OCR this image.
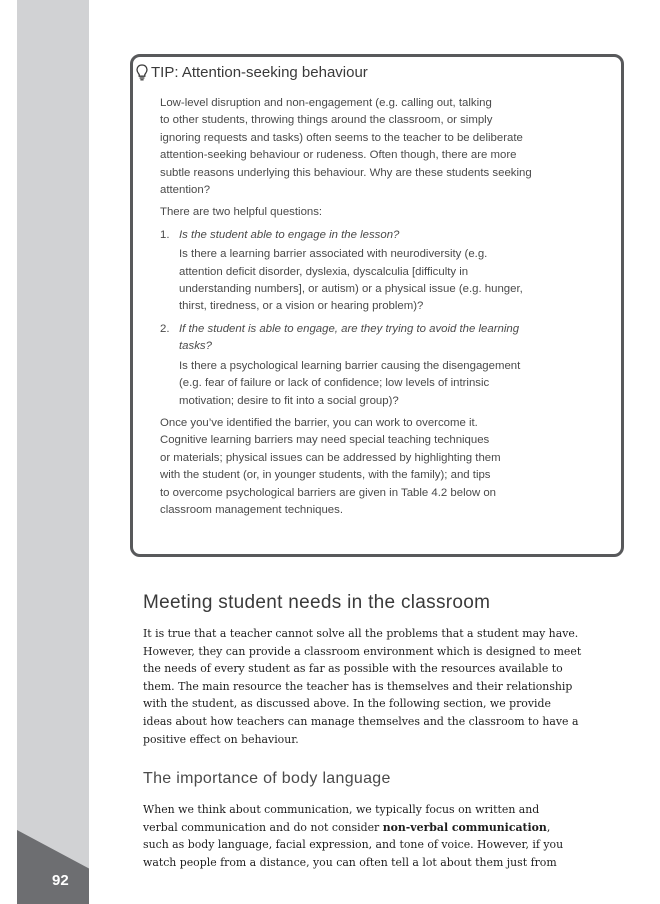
92
TIP: Attention-seeking behaviour

Low-level disruption and non-engagement (e.g. calling out, talking
to other students, throwing things around the classroom, or simply
ignoring requests and tasks) often seems to the teacher to be deliberate
attention-seeking behaviour or rudeness. Often though, there are more
subtle reasons underlying this behaviour. Why are these students seeking
attention?

There are two helpful questions:

1. Is the student able to engage in the lesson?
Is there a learning barrier associated with neurodiversity (e.g.
attention deficit disorder, dyslexia, dyscalculia [difficulty in
understanding numbers], or autism) or a physical issue (e.g. hunger,
thirst, tiredness, or a vision or hearing problem)?
2. If the student is able to engage, are they trying to avoid the learning
tasks?
Is there a psychological learning barrier causing the disengagement
(e.g. fear of failure or lack of confidence; low levels of intrinsic
motivation; desire to fit into a social group)?

Once you’ve identified the barrier, you can work to overcome it.
Cognitive learning barriers may need special teaching techniques
or materials; physical issues can be addressed by highlighting them
with the student (or, in younger students, with the family); and tips
to overcome psychological barriers are given in Table 4.2 below on
classroom management techniques.

Meeting student needs in the classroom
It is true that a teacher cannot solve all the problems that a student may have.
However, they can provide a classroom environment which is designed to meet
the needs of every student as far as possible with the resources available to
them. The main resource the teacher has is themselves and their relationship
with the student, as discussed above. In the following section, we provide
ideas about how teachers can manage themselves and the classroom to have a
positive effect on behaviour.
The importance of body language
When we think about communication, we typically focus on written and
verbal communication and do not consider non-verbal communication,
such as body language, facial expression, and tone of voice. However, if you
watch people from a distance, you can often tell a lot about them just from
